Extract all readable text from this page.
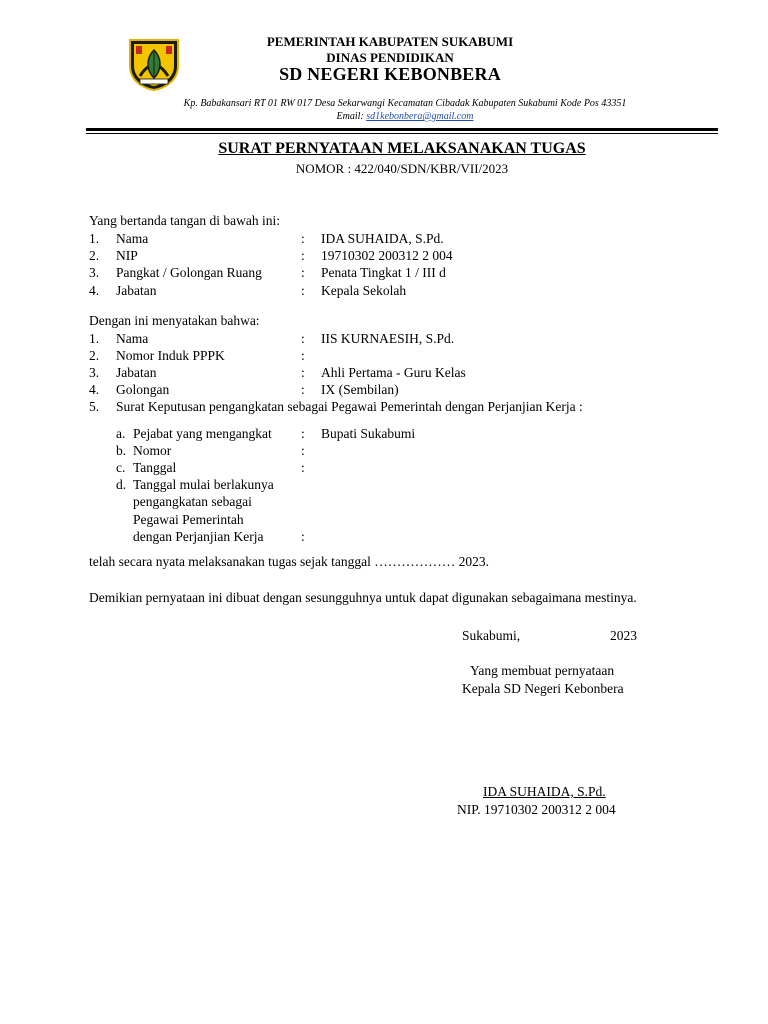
PEMERINTAH KABUPATEN SUKABUMI
DINAS PENDIDIKAN
SD NEGERI KEBONBERA
Kp. Babakansari RT 01 RW 017 Desa Sekarwangi Kecamatan Cibadak Kabupaten Sukabumi Kode Pos 43351
Email: sd1kebonbera@gmail.com
SURAT PERNYATAAN MELAKSANAKAN TUGAS
NOMOR : 422/040/SDN/KBR/VII/2023
Yang bertanda tangan di bawah ini:
1. Nama	: IDA SUHAIDA, S.Pd.
2. NIP	: 19710302 200312 2 004
3. Pangkat / Golongan Ruang	: Penata Tingkat 1 / III d
4. Jabatan	: Kepala Sekolah
Dengan ini menyatakan bahwa:
1. Nama	: IIS KURNAESIH, S.Pd.
2. Nomor Induk PPPK	:
3. Jabatan	: Ahli Pertama - Guru Kelas
4. Golongan	: IX (Sembilan)
5. Surat Keputusan pengangkatan sebagai Pegawai Pemerintah dengan Perjanjian Kerja :
a. Pejabat yang mengangkat : Bupati Sukabumi
b. Nomor	:
c. Tanggal	:
d. Tanggal mulai berlakunya
pengangkatan sebagai
Pegawai Pemerintah
dengan Perjanjian Kerja	:
telah secara nyata melaksanakan tugas sejak tanggal ……………… 2023.
Demikian pernyataan ini dibuat dengan sesungguhnya untuk dapat digunakan sebagaimana mestinya.
Sukabumi,	2023
Yang membuat pernyataan
Kepala SD Negeri Kebonbera
IDA SUHAIDA, S.Pd.
NIP. 19710302 200312 2 004
